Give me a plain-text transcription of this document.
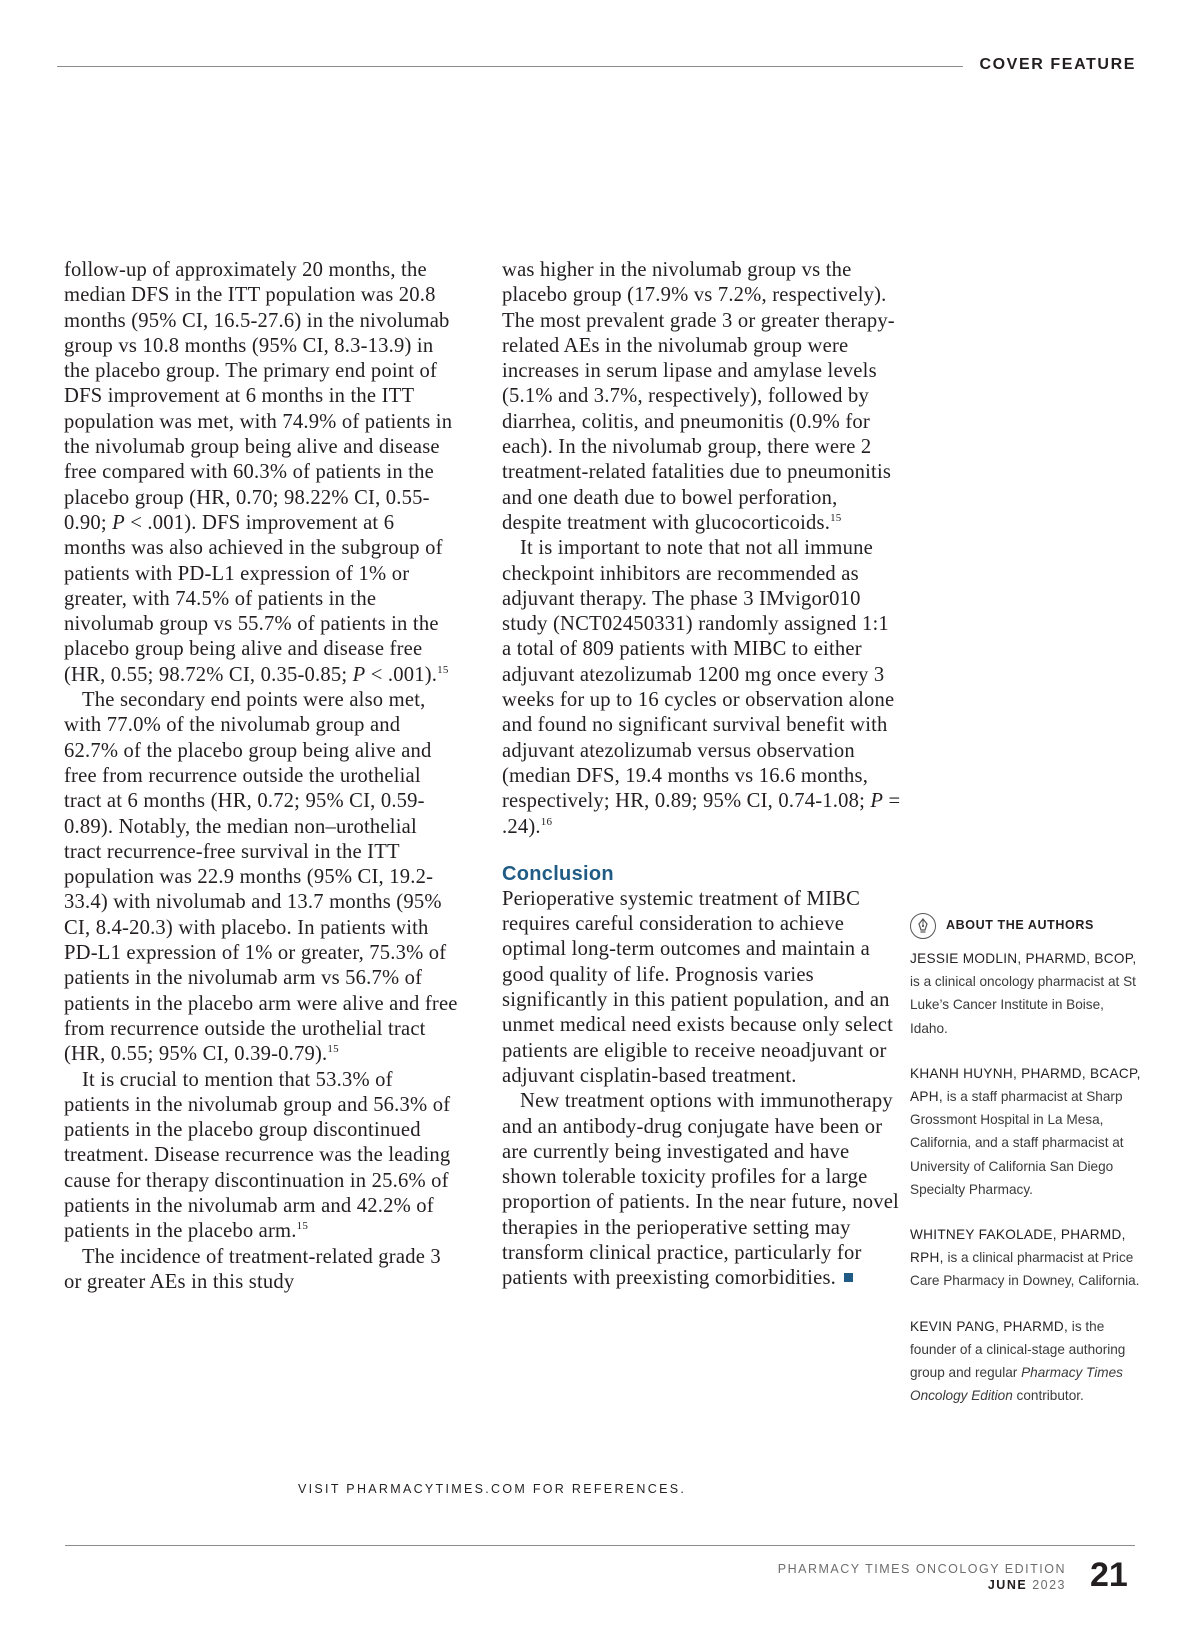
COVER FEATURE

follow-up of approximately 20 months, the median DFS in the ITT population was 20.8 months (95% CI, 16.5-27.6) in the nivolumab group vs 10.8 months (95% CI, 8.3-13.9) in the placebo group. The primary end point of DFS improvement at 6 months in the ITT population was met, with 74.9% of patients in the nivolumab group being alive and disease free compared with 60.3% of patients in the placebo group (HR, 0.70; 98.22% CI, 0.55-0.90; P < .001). DFS improvement at 6 months was also achieved in the subgroup of patients with PD-L1 expression of 1% or greater, with 74.5% of patients in the nivolumab group vs 55.7% of patients in the placebo group being alive and disease free (HR, 0.55; 98.72% CI, 0.35-0.85; P < .001).$^{15}$

The secondary end points were also met, with 77.0% of the nivolumab group and 62.7% of the placebo group being alive and free from recurrence outside the urothelial tract at 6 months (HR, 0.72; 95% CI, 0.59-0.89). Notably, the median non–urothelial tract recurrence-free survival in the ITT population was 22.9 months (95% CI, 19.2-33.4) with nivolumab and 13.7 months (95% CI, 8.4-20.3) with placebo. In patients with PD-L1 expression of 1% or greater, 75.3% of patients in the nivolumab arm vs 56.7% of patients in the placebo arm were alive and free from recurrence outside the urothelial tract (HR, 0.55; 95% CI, 0.39-0.79).$^{15}$

It is crucial to mention that 53.3% of patients in the nivolumab group and 56.3% of patients in the placebo group discontinued treatment. Disease recurrence was the leading cause for therapy discontinuation in 25.6% of patients in the nivolumab arm and 42.2% of patients in the placebo arm.$^{15}$

The incidence of treatment-related grade 3 or greater AEs in this study

was higher in the nivolumab group vs the placebo group (17.9% vs 7.2%, respectively). The most prevalent grade 3 or greater therapy-related AEs in the nivolumab group were increases in serum lipase and amylase levels (5.1% and 3.7%, respectively), followed by diarrhea, colitis, and pneumonitis (0.9% for each). In the nivolumab group, there were 2 treatment-related fatalities due to pneumonitis and one death due to bowel perforation, despite treatment with glucocorticoids.$^{15}$

It is important to note that not all immune checkpoint inhibitors are recommended as adjuvant therapy. The phase 3 IMvigor010 study (NCT02450331) randomly assigned 1:1 a total of 809 patients with MIBC to either adjuvant atezolizumab 1200 mg once every 3 weeks for up to 16 cycles or observation alone and found no significant survival benefit with adjuvant atezolizumab versus observation (median DFS, 19.4 months vs 16.6 months, respectively; HR, 0.89; 95% CI, 0.74-1.08; P = .24).$^{16}$

Conclusion

Perioperative systemic treatment of MIBC requires careful consideration to achieve optimal long-term outcomes and maintain a good quality of life. Prognosis varies significantly in this patient population, and an unmet medical need exists because only select patients are eligible to receive neoadjuvant or adjuvant cisplatin-based treatment.

New treatment options with immunotherapy and an antibody-drug conjugate have been or are currently being investigated and have shown tolerable toxicity profiles for a large proportion of patients. In the near future, novel therapies in the perioperative setting may transform clinical practice, particularly for patients with preexisting comorbidities.

VISIT PHARMACYTIMES.COM FOR REFERENCES.
ABOUT THE AUTHORS
JESSIE MODLIN, PHARMD, BCOP, is a clinical oncology pharmacist at St Luke’s Cancer Institute in Boise, Idaho.
KHANH HUYNH, PHARMD, BCACP, APH, is a staff pharmacist at Sharp Grossmont Hospital in La Mesa, California, and a staff pharmacist at University of California San Diego Specialty Pharmacy.
WHITNEY FAKOLADE, PHARMD, RPH, is a clinical pharmacist at Price Care Pharmacy in Downey, California.
KEVIN PANG, PHARMD, is the founder of a clinical-stage authoring group and regular Pharmacy Times Oncology Edition contributor.
PHARMACY TIMES ONCOLOGY EDITION
JUNE 2023 21
